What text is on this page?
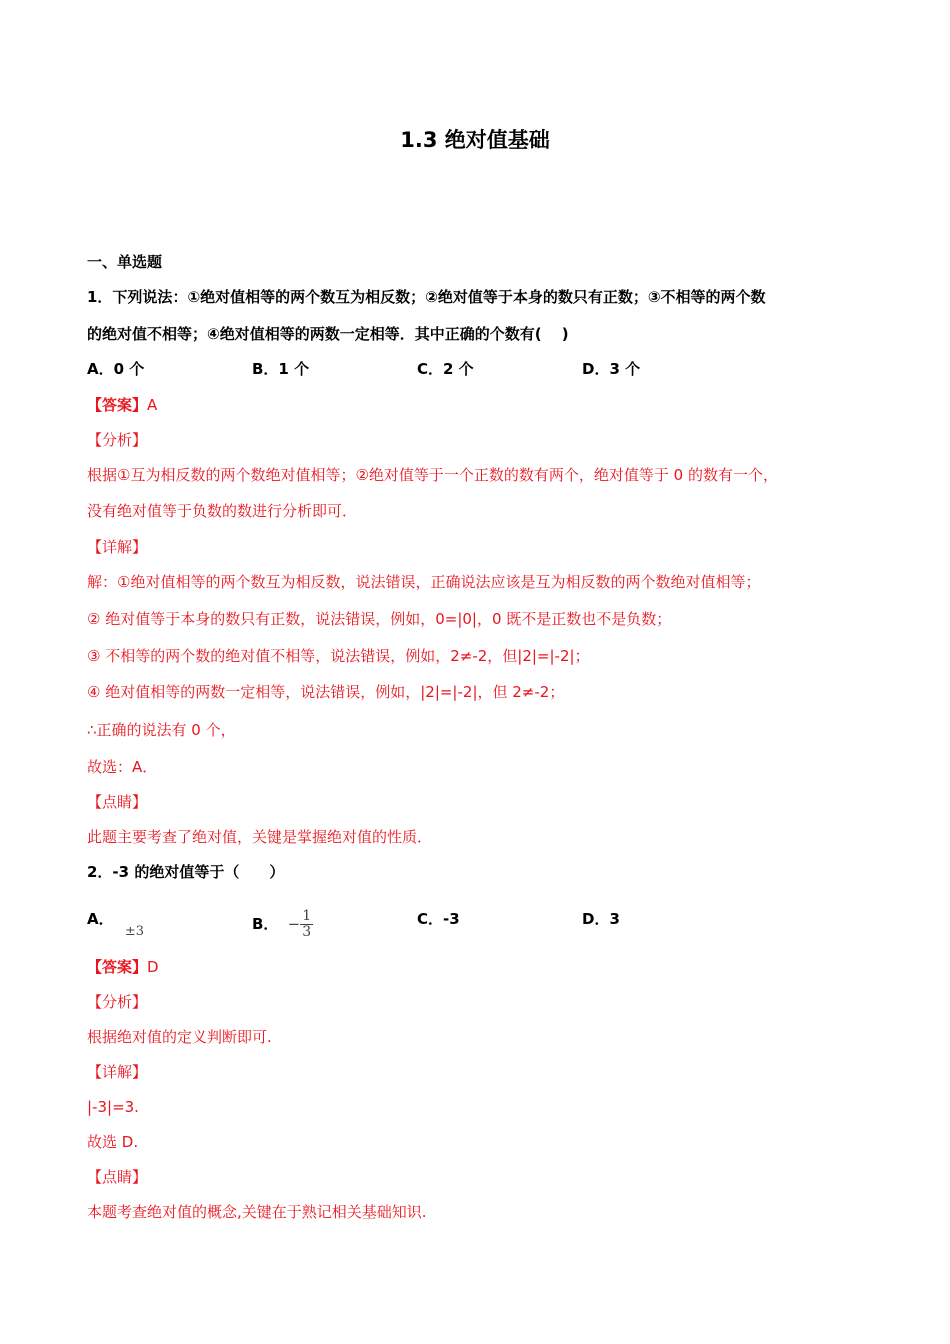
1.3 绝对值基础
一、单选题
1．下列说法：①绝对值相等的两个数互为相反数；②绝对值等于本身的数只有正数；③不相等的两个数
的绝对值不相等；④绝对值相等的两数一定相等．其中正确的个数有(　 )
A．0 个	B．1 个	C．2 个	D．3 个
【答案】A
【分析】
根据①互为相反数的两个数绝对值相等；②绝对值等于一个正数的数有两个，绝对值等于 0 的数有一个，
没有绝对值等于负数的数进行分析即可．
【详解】
解：①绝对值相等的两个数互为相反数，说法错误，正确说法应该是互为相反数的两个数绝对值相等；
② 绝对值等于本身的数只有正数，说法错误，例如，0=|0|，0 既不是正数也不是负数；
③ 不相等的两个数的绝对值不相等，说法错误，例如，2≠-2，但|2|=|-2|；
④ 绝对值相等的两数一定相等，说法错误，例如，|2|=|-2|，但 2≠-2；
∴正确的说法有 0 个，
故选：A．
【点睛】
此题主要考查了绝对值，关键是掌握绝对值的性质．
2．-3 的绝对值等于（　　）
A． ±3	B． − $\frac{1}{3}$	C．-3	D．3
【答案】D
【分析】
根据绝对值的定义判断即可.
【详解】
|-3|=3.
故选 D.
【点睛】
本题考查绝对值的概念,关键在于熟记相关基础知识.
